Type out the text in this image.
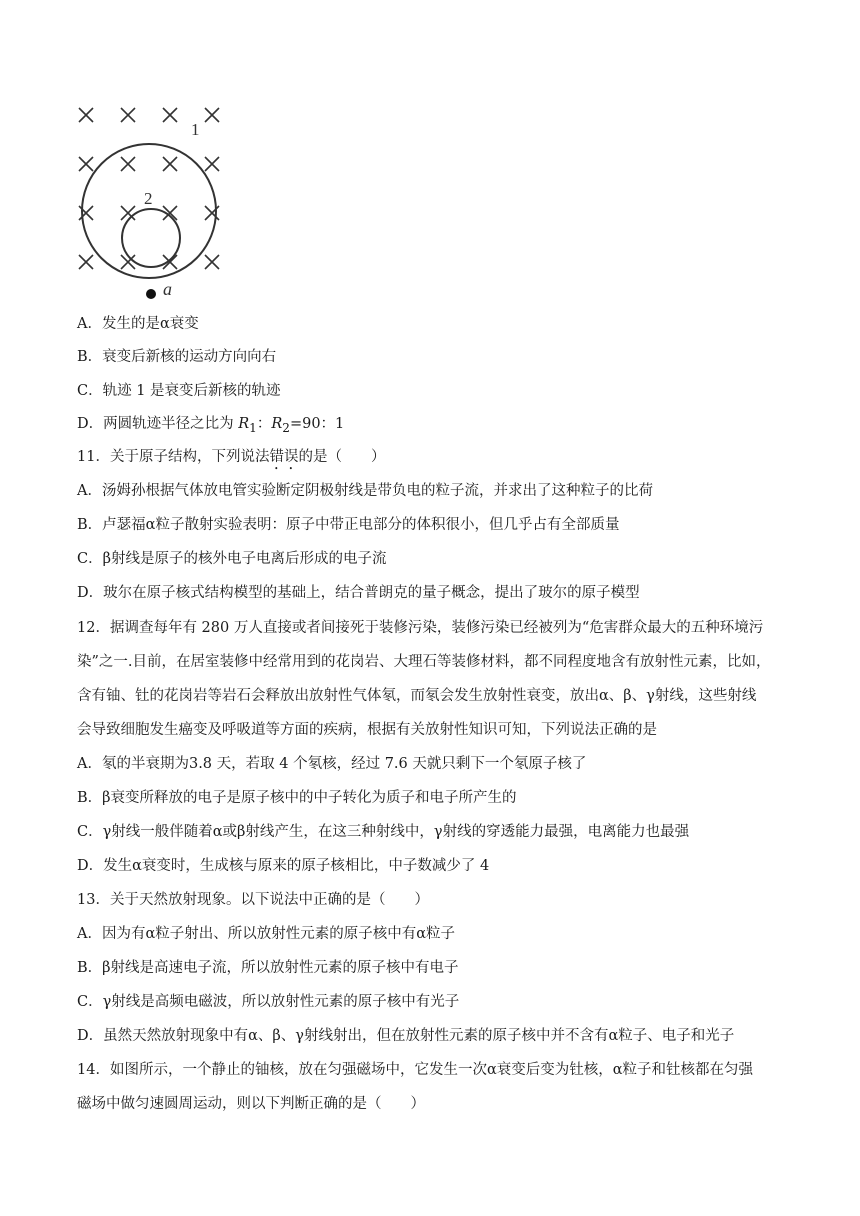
1
2
a
A．发生的是α衰变
B．衰变后新核的运动方向向右
C．轨迹 1 是衰变后新核的轨迹
D．两圆轨迹半径之比为 $R_1$：$R_2=90$：1
11．关于原子结构，下列说法错误的是（　　）
A．汤姆孙根据气体放电管实验断定阴极射线是带负电的粒子流，并求出了这种粒子的比荷
B．卢瑟福α粒子散射实验表明：原子中带正电部分的体积很小，但几乎占有全部质量
C．β射线是原子的核外电子电离后形成的电子流
D．玻尔在原子核式结构模型的基础上，结合普朗克的量子概念，提出了玻尔的原子模型
12．据调查每年有 280 万人直接或者间接死于装修污染，装修污染已经被列为“危害群众最大的五种环境污
染”之一.目前，在居室装修中经常用到的花岗岩、大理石等装修材料，都不同程度地含有放射性元素，比如，
含有铀、钍的花岗岩等岩石会释放出放射性气体氡，而氡会发生放射性衰变，放出α、β、γ射线，这些射线
会导致细胞发生癌变及呼吸道等方面的疾病，根据有关放射性知识可知，下列说法正确的是
A．氡的半衰期为3.8 天，若取 4 个氡核，经过 7.6 天就只剩下一个氡原子核了
B．β衰变所释放的电子是原子核中的中子转化为质子和电子所产生的
C．γ射线一般伴随着α或β射线产生，在这三种射线中，γ射线的穿透能力最强，电离能力也最强
D．发生α衰变时，生成核与原来的原子核相比，中子数减少了 4
13．关于天然放射现象。以下说法中正确的是（　　）
A．因为有α粒子射出、所以放射性元素的原子核中有α粒子
B．β射线是高速电子流，所以放射性元素的原子核中有电子
C．γ射线是高频电磁波，所以放射性元素的原子核中有光子
D．虽然天然放射现象中有α、β、γ射线射出，但在放射性元素的原子核中并不含有α粒子、电子和光子
14．如图所示，一个静止的铀核，放在匀强磁场中，它发生一次α衰变后变为钍核，α粒子和钍核都在匀强
磁场中做匀速圆周运动，则以下判断正确的是（　　）
